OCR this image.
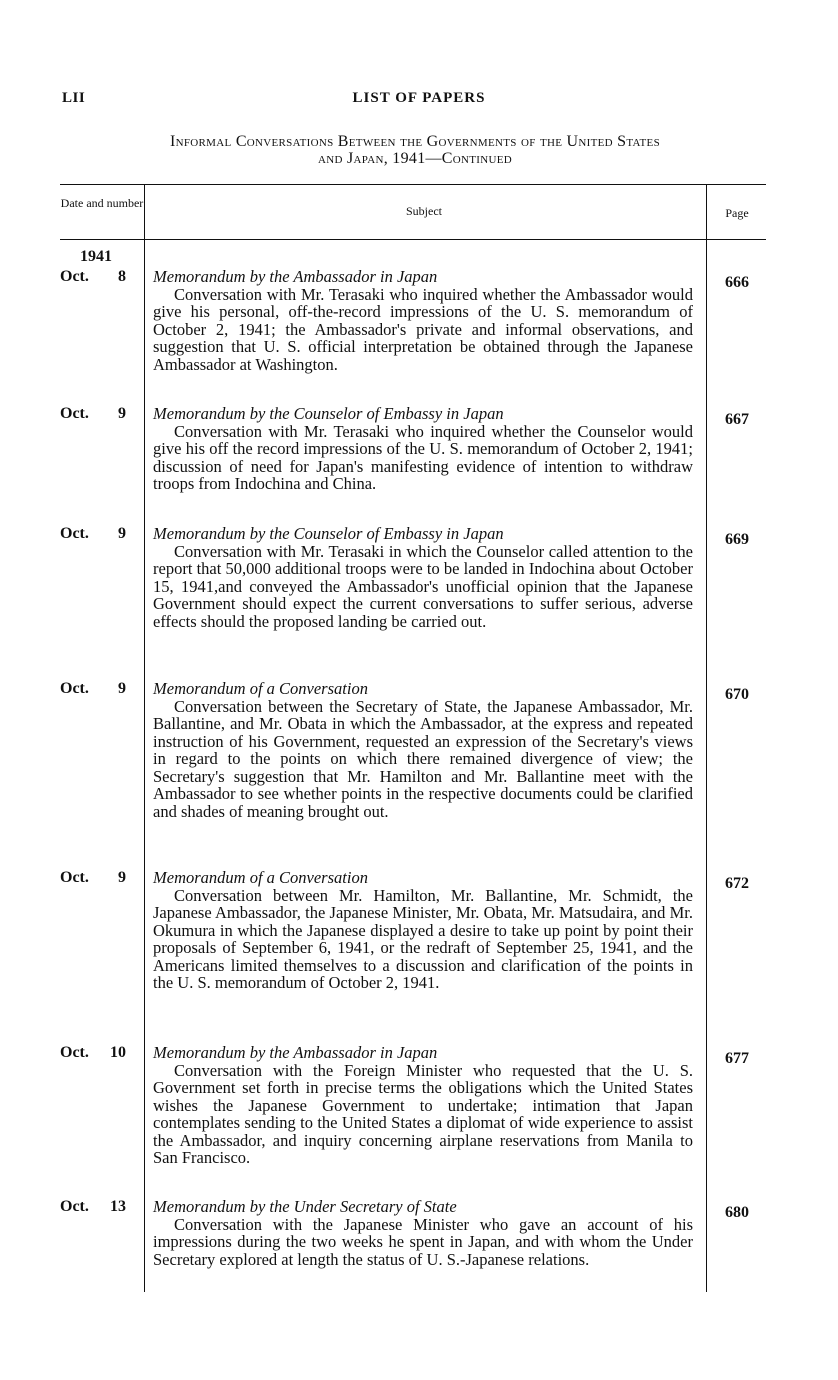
LII	LIST OF PAPERS
Informal Conversations Between the Governments of the United States
and Japan, 1941—Continued
Date and number
Subject	Page
1941
Oct. 8 Memorandum by the Ambassador in Japan
Conversation with Mr. Terasaki who inquired whether the Ambassador would give his personal, off-the-record impressions of the U. S. memorandum of October 2, 1941; the Ambassador's private and informal observations, and suggestion that U. S. official interpretation be obtained through the Japanese Ambassador at Washington.
666
Oct. 9 Memorandum by the Counselor of Embassy in Japan
Conversation with Mr. Terasaki who inquired whether the Counselor would give his off the record impressions of the U. S. memorandum of October 2, 1941; discussion of need for Japan's manifesting evidence of intention to withdraw troops from Indochina and China.
667
Oct. 9 Memorandum by the Counselor of Embassy in Japan
Conversation with Mr. Terasaki in which the Counselor called attention to the report that 50,000 additional troops were to be landed in Indochina about October 15, 1941,and conveyed the Ambassador's unofficial opinion that the Japanese Government should expect the current conversations to suffer serious, adverse effects should the proposed landing be carried out.
669
Oct. 9 Memorandum of a Conversation
Conversation between the Secretary of State, the Japanese Ambassador, Mr. Ballantine, and Mr. Obata in which the Ambassador, at the express and repeated instruction of his Government, requested an expression of the Secretary's views in regard to the points on which there remained divergence of view; the Secretary's suggestion that Mr. Hamilton and Mr. Ballantine meet with the Ambassador to see whether points in the respective documents could be clarified and shades of meaning brought out.
670
Oct. 9 Memorandum of a Conversation
Conversation between Mr. Hamilton, Mr. Ballantine, Mr. Schmidt, the Japanese Ambassador, the Japanese Minister, Mr. Obata, Mr. Matsudaira, and Mr. Okumura in which the Japanese displayed a desire to take up point by point their proposals of September 6, 1941, or the redraft of September 25, 1941, and the Americans limited themselves to a discussion and clarification of the points in the U. S. memorandum of October 2, 1941.
672
Oct. 10 Memorandum by the Ambassador in Japan
Conversation with the Foreign Minister who requested that the U. S. Government set forth in precise terms the obligations which the United States wishes the Japanese Government to undertake; intimation that Japan contemplates sending to the United States a diplomat of wide experience to assist the Ambassador, and inquiry concerning airplane reservations from Manila to San Francisco.
677
Oct. 13 Memorandum by the Under Secretary of State
Conversation with the Japanese Minister who gave an account of his impressions during the two weeks he spent in Japan, and with whom the Under Secretary explored at length the status of U. S.-Japanese relations.
680
